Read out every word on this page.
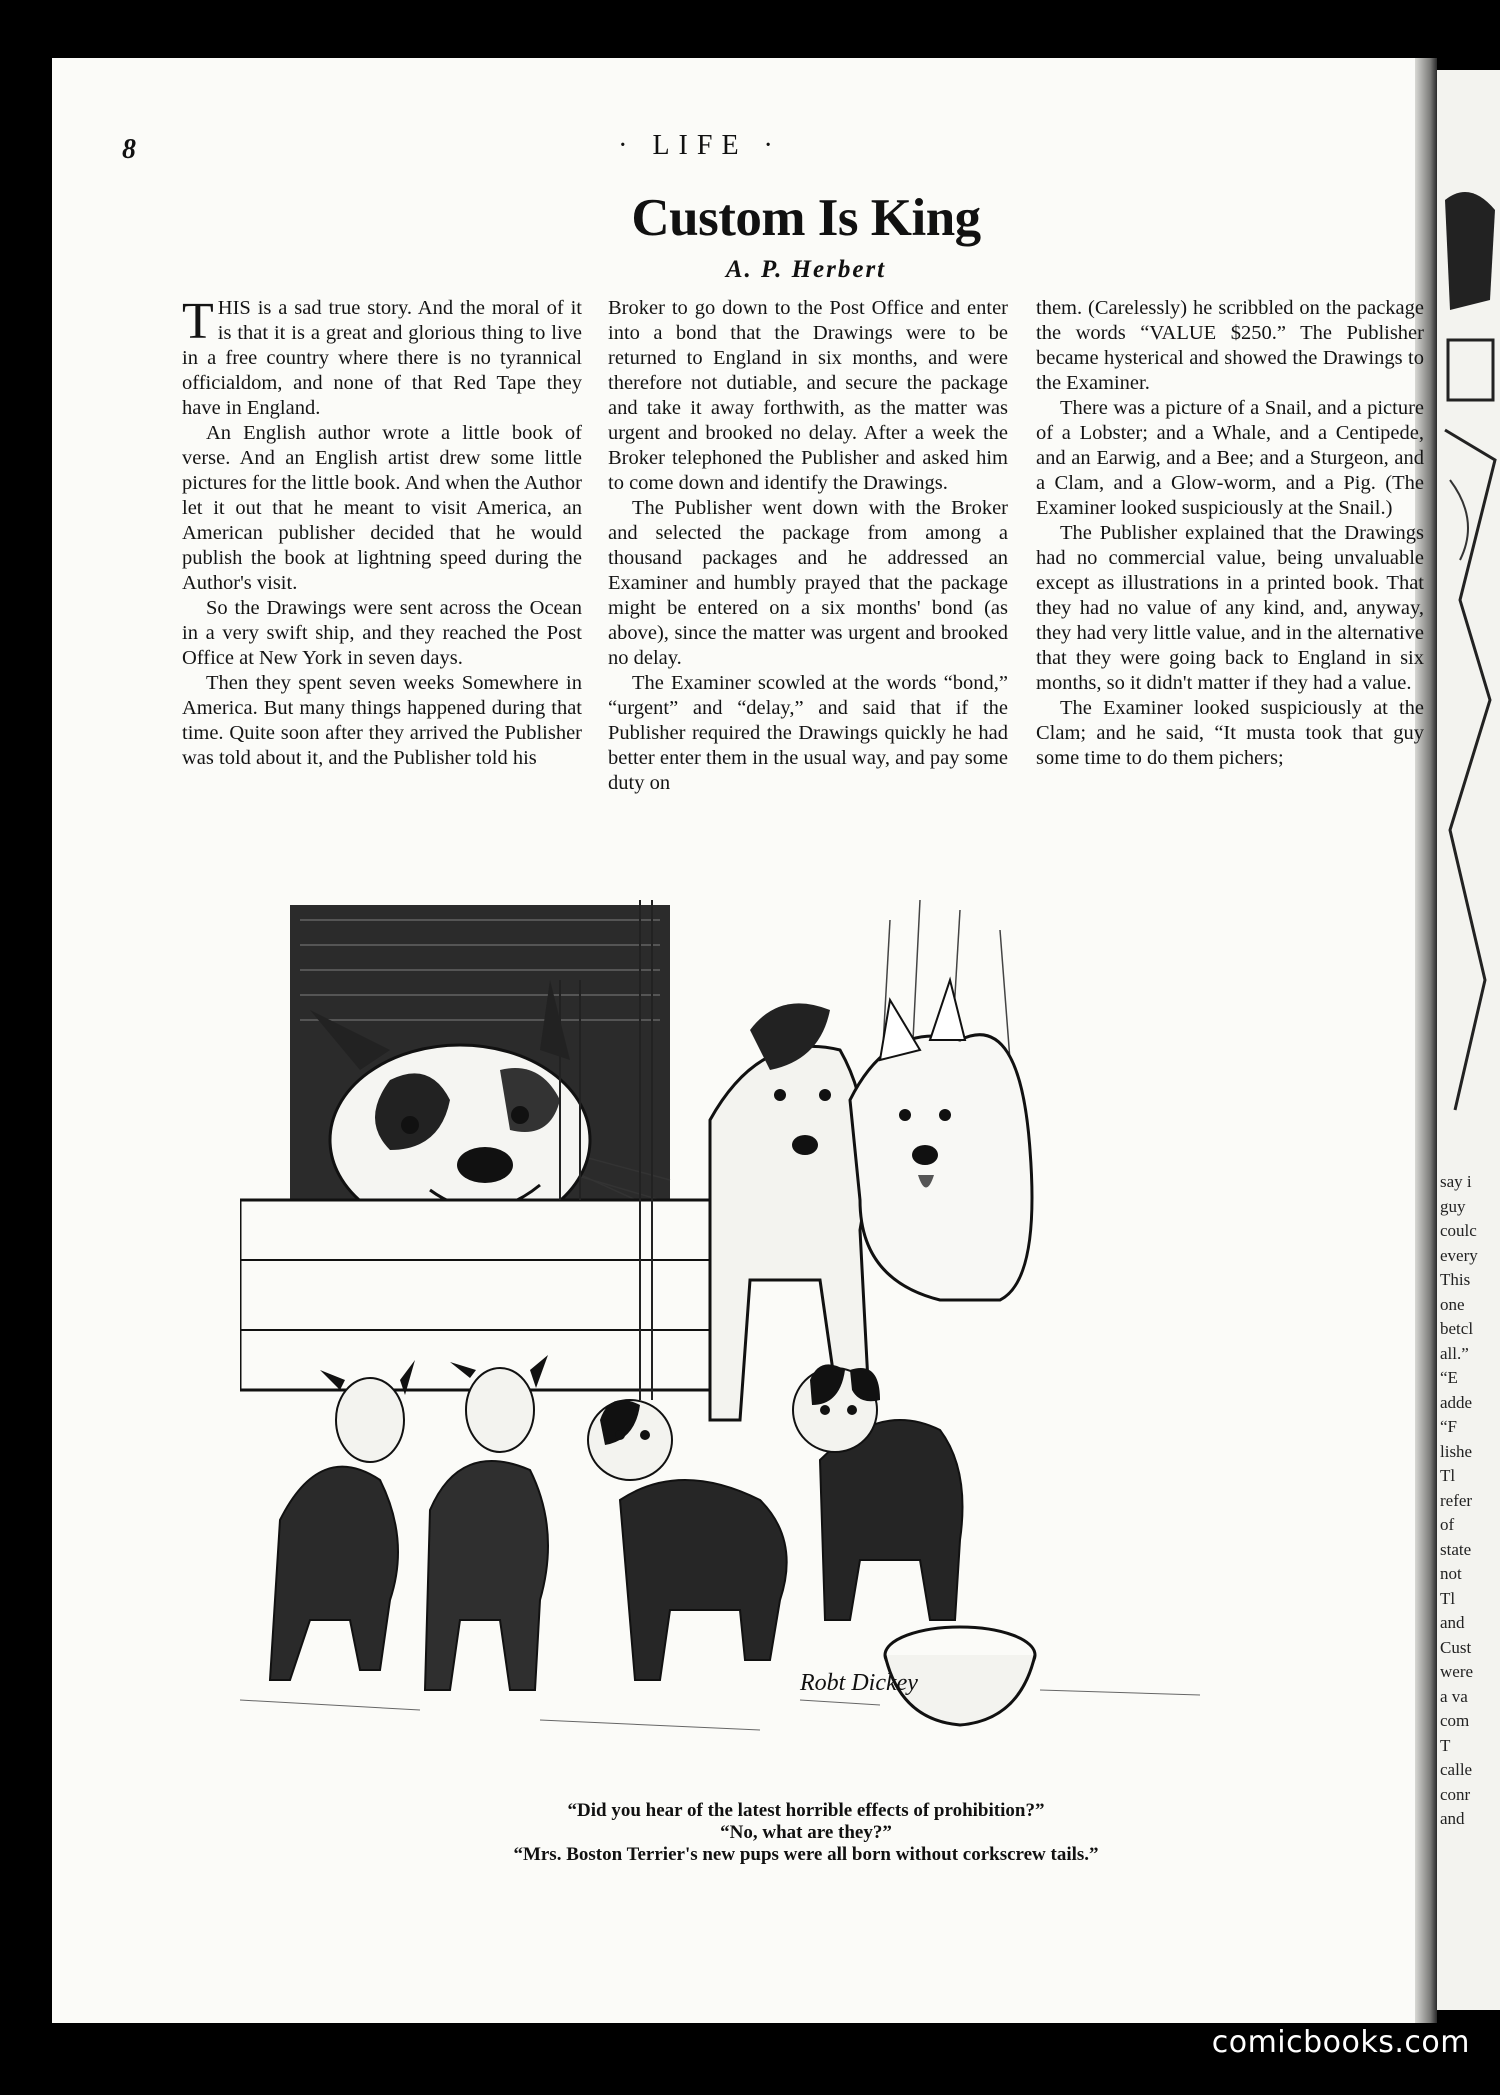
8	· LIFE ·
Custom Is King
A. P. Herbert

THIS is a sad true story. And the moral of it is that it is a great and glorious thing to live in a free country where there is no tyrannical officialdom, and none of that Red Tape they have in England.

An English author wrote a little book of verse. And an English artist drew some little pictures for the little book. And when the Author let it out that he meant to visit America, an American publisher decided that he would publish the book at lightning speed during the Author's visit.

So the Drawings were sent across the Ocean in a very swift ship, and they reached the Post Office at New York in seven days.

Then they spent seven weeks Somewhere in America. But many things happened during that time. Quite soon after they arrived the Publisher was told about it, and the Publisher told his

Broker to go down to the Post Office and enter into a bond that the Drawings were to be returned to England in six months, and were therefore not dutiable, and secure the package and take it away forthwith, as the matter was urgent and brooked no delay. After a week the Broker telephoned the Publisher and asked him to come down and identify the Drawings.

The Publisher went down with the Broker and selected the package from among a thousand packages and he addressed an Examiner and humbly prayed that the package might be entered on a six months' bond (as above), since the matter was urgent and brooked no delay.

The Examiner scowled at the words “bond,” “urgent” and “delay,” and said that if the Publisher required the Drawings quickly he had better enter them in the usual way, and pay some duty on

them. (Carelessly) he scribbled on the package the words “VALUE $250.” The Publisher became hysterical and showed the Drawings to the Examiner.

There was a picture of a Snail, and a picture of a Lobster; and a Whale, and a Centipede, and an Earwig, and a Bee; and a Sturgeon, and a Clam, and a Glow-worm, and a Pig. (The Examiner looked suspiciously at the Snail.)

The Publisher explained that the Drawings had no commercial value, being unvaluable except as illustrations in a printed book. That they had no value of any kind, and, anyway, they had very little value, and in the alternative that they were going back to England in six months, so it didn't matter if they had a value.

The Examiner looked suspiciously at the Clam; and he said, “It musta took that guy some time to do them pichers;

Robt Dickey
“Did you hear of the latest horrible effects of prohibition?”
“No, what are they?”
“Mrs. Boston Terrier's new pups were all born without corkscrew tails.”
say i
guy
coulc
every
This
one
betcl
all.”
“E
adde
“F
lishe
Tl
refer
of
state
not
Tl
and
Cust
were
a va
com
T
calle
conr
and
comicbooks.com
